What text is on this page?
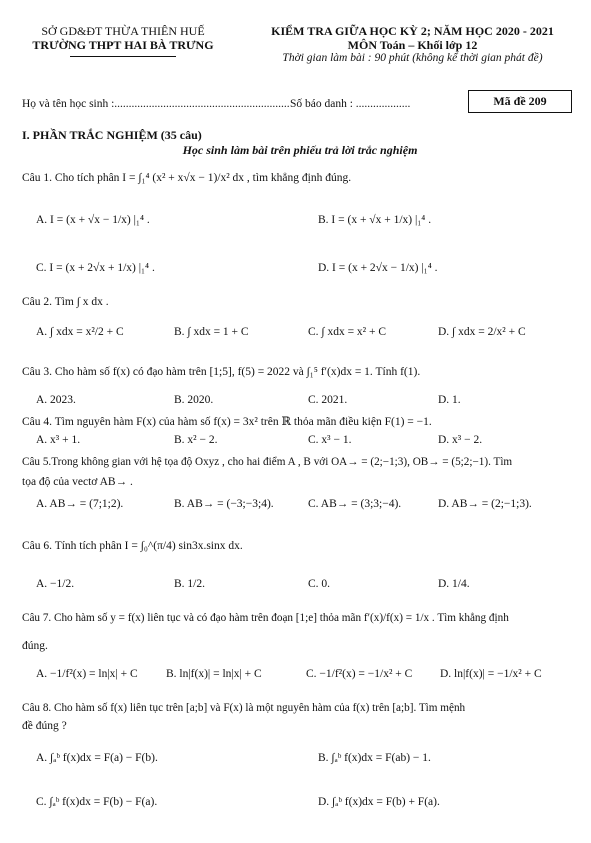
SỞ GD&ĐT THỪA THIÊN HUẾ
TRƯỜNG THPT HAI BÀ TRƯNG
KIỂM TRA GIỮA HỌC KỲ 2; NĂM HỌC 2020 - 2021
MÔN Toán – Khối lớp 12
Thời gian làm bài : 90 phút (không kể thời gian phát đề)
Họ và tên học sinh :............................................................. Số báo danh : ...................	Mã đề 209
I. PHẦN TRẮC NGHIỆM (35 câu)
Học sinh làm bài trên phiếu trả lời trắc nghiệm
Câu 1. Cho tích phân I = ∫₁⁴ (x² + x√x − 1)/x² dx , tìm khẳng định đúng.
A. I = (x + √x − 1/x) |₁⁴ .	B. I = (x + √x + 1/x) |₁⁴ .
C. I = (x + 2√x + 1/x) |₁⁴ .	D. I = (x + 2√x − 1/x) |₁⁴ .
Câu 2. Tìm ∫ x dx .
A. ∫ xdx = x²/2 + C	B. ∫ xdx = 1 + C	C. ∫ xdx = x² + C	D. ∫ xdx = 2/x² + C
Câu 3. Cho hàm số f(x) có đạo hàm trên [1;5], f(5) = 2022 và ∫₁⁵ f′(x)dx = 1. Tính f(1).
A. 2023.	B. 2020.	C. 2021.	D. 1.
Câu 4. Tìm nguyên hàm F(x) của hàm số f(x) = 3x² trên ℝ thỏa mãn điều kiện F(1) = −1.
A. x³ + 1.	B. x² − 2.	C. x³ − 1.	D. x³ − 2.
Câu 5.Trong không gian với hệ tọa độ Oxyz , cho hai điểm A , B với OA→ = (2;−1;3), OB→ = (5;2;−1). Tìm
tọa độ của vectơ AB→ .
A. AB→ = (7;1;2).	B. AB→ = (−3;−3;4).	C. AB→ = (3;3;−4).	D. AB→ = (2;−1;3).
Câu 6. Tính tích phân I = ∫₀^(π/4) sin3x.sinx dx.
A. −1/2.	B. 1/2.	C. 0.	D. 1/4.
Câu 7. Cho hàm số y = f(x) liên tục và có đạo hàm trên đoạn [1;e] thỏa mãn f′(x)/f(x) = 1/x . Tìm khẳng định
đúng.
A. −1/f²(x) = ln|x| + C B. ln|f(x)| = ln|x| + C	C. −1/f²(x) = −1/x² + C D. ln|f(x)| = −1/x² + C
Câu 8. Cho hàm số f(x) liên tục trên [a;b] và F(x) là một nguyên hàm của f(x) trên [a;b]. Tìm mệnh
đề đúng ?
A. ∫ₐᵇ f(x)dx = F(a) − F(b).	B. ∫ₐᵇ f(x)dx = F(ab) − 1.
C. ∫ₐᵇ f(x)dx = F(b) − F(a).	D. ∫ₐᵇ f(x)dx = F(b) + F(a).
